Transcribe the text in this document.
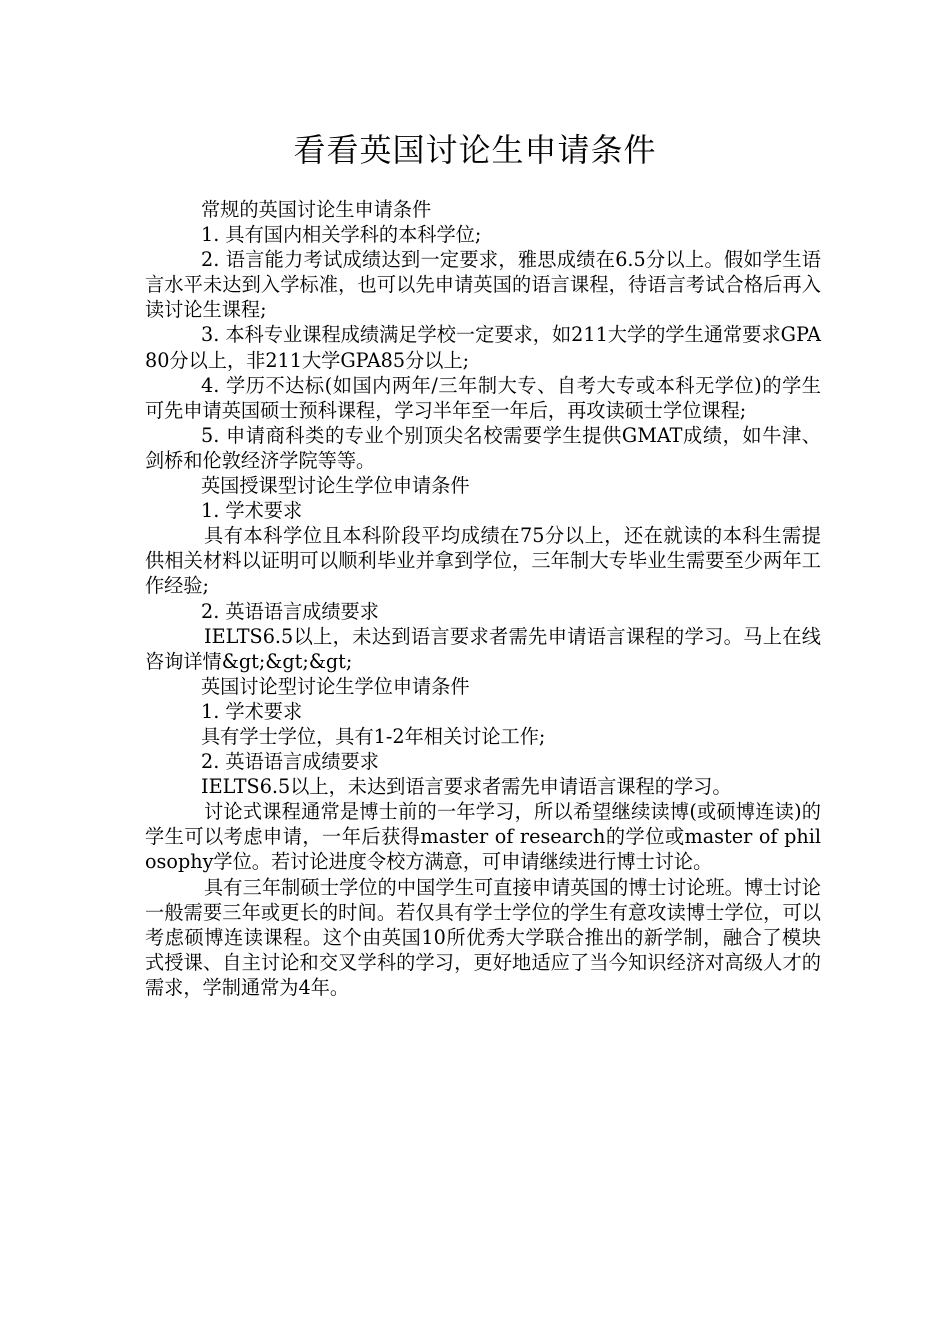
看看英国讨论生申请条件

常规的英国讨论生申请条件

1. 具有国内相关学科的本科学位;

2. 语言能力考试成绩达到一定要求，雅思成绩在6.5分以上。假如学生语言水平未达到入学标准，也可以先申请英国的语言课程，待语言考试合格后再入读讨论生课程;

3. 本科专业课程成绩满足学校一定要求，如211大学的学生通常要求GPA80分以上，非211大学GPA85分以上;

4. 学历不达标(如国内两年/三年制大专、自考大专或本科无学位)的学生可先申请英国硕士预科课程，学习半年至一年后，再攻读硕士学位课程;

5. 申请商科类的专业个别顶尖名校需要学生提供GMAT成绩，如牛津、剑桥和伦敦经济学院等等。

英国授课型讨论生学位申请条件

1. 学术要求

具有本科学位且本科阶段平均成绩在75分以上，还在就读的本科生需提供相关材料以证明可以顺利毕业并拿到学位，三年制大专毕业生需要至少两年工作经验;

2. 英语语言成绩要求

IELTS6.5以上，未达到语言要求者需先申请语言课程的学习。马上在线咨询详情&gt;&gt;&gt;

英国讨论型讨论生学位申请条件

1. 学术要求

具有学士学位，具有1-2年相关讨论工作;

2. 英语语言成绩要求

IELTS6.5以上，未达到语言要求者需先申请语言课程的学习。

讨论式课程通常是博士前的一年学习，所以希望继续读博(或硕博连读)的学生可以考虑申请，一年后获得master of research的学位或master of philosophy学位。若讨论进度令校方满意，可申请继续进行博士讨论。

具有三年制硕士学位的中国学生可直接申请英国的博士讨论班。博士讨论一般需要三年或更长的时间。若仅具有学士学位的学生有意攻读博士学位，可以考虑硕博连读课程。这个由英国10所优秀大学联合推出的新学制，融合了模块式授课、自主讨论和交叉学科的学习，更好地适应了当今知识经济对高级人才的需求，学制通常为4年。
